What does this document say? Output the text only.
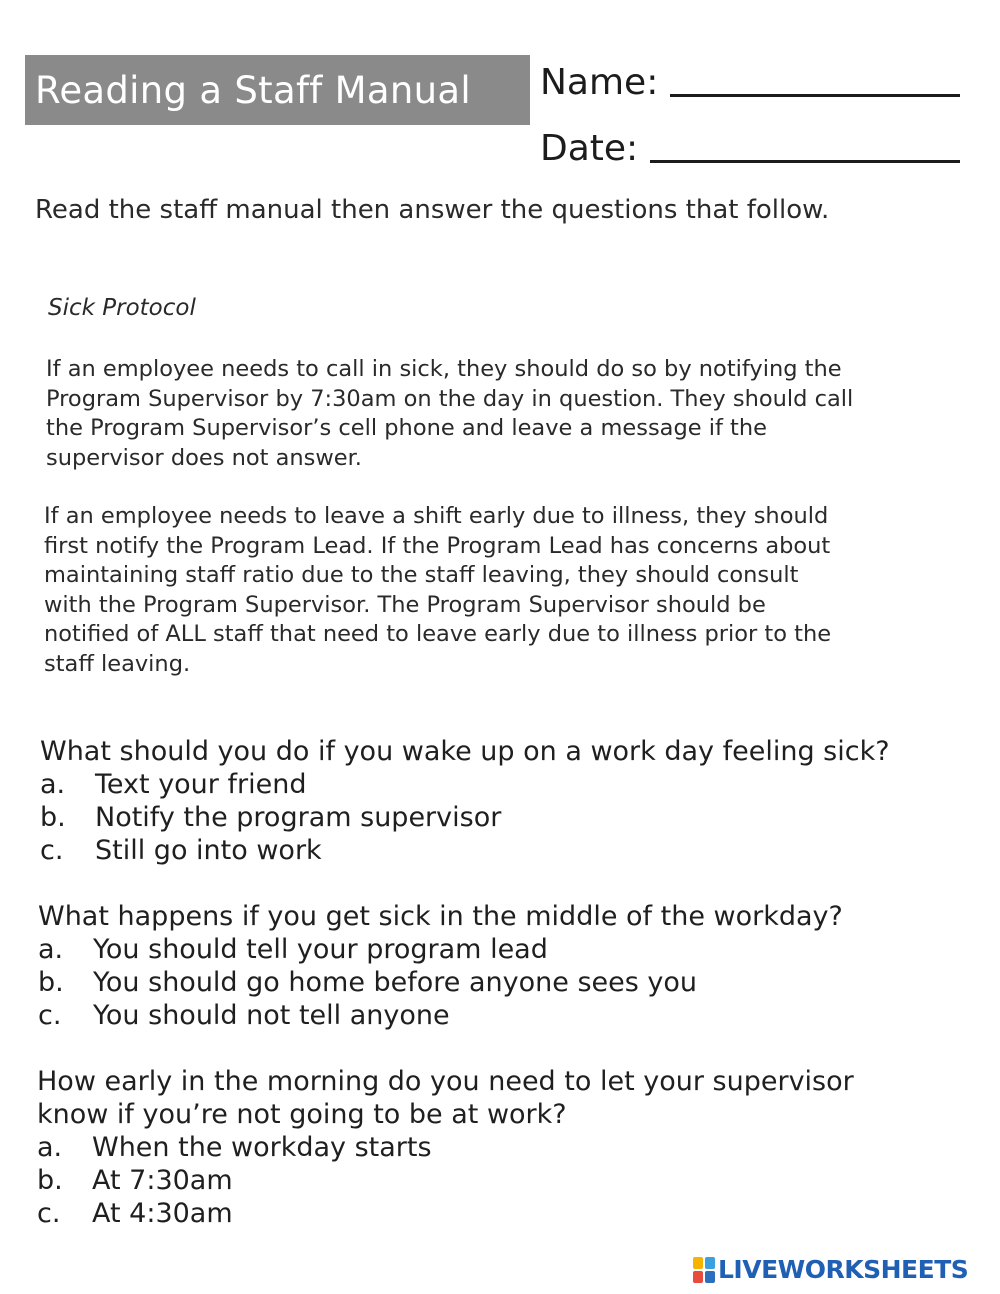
Reading a Staff Manual Name:
Date:
Read the staff manual then answer the questions that follow.
Sick Protocol
If an employee needs to call in sick, they should do so by notifying the
Program Supervisor by 7:30am on the day in question. They should call
the Program Supervisor’s cell phone and leave a message if the
supervisor does not answer.
If an employee needs to leave a shift early due to illness, they should
first notify the Program Lead. If the Program Lead has concerns about
maintaining staff ratio due to the staff leaving, they should consult
with the Program Supervisor. The Program Supervisor should be
notified of ALL staff that need to leave early due to illness prior to the
staff leaving.
What should you do if you wake up on a work day feeling sick?
a.	Text your friend
b.	Notify the program supervisor
c.	Still go into work
What happens if you get sick in the middle of the workday?
a.	You should tell your program lead
b.	You should go home before anyone sees you
c.	You should not tell anyone
How early in the morning do you need to let your supervisor
know if you’re not going to be at work?
a.	When the workday starts
b.	At 7:30am
c.	At 4:30am
LIVEWORKSHEETS
